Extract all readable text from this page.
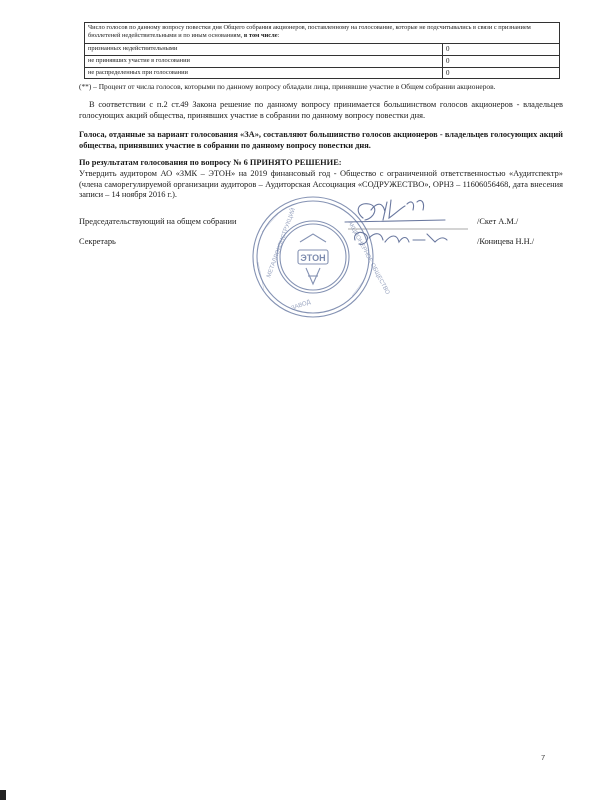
Число голосов по данному вопросу повестки дня Общего собрания акционеров, поставленному на голосование, которые не подсчитывались в связи с признанием бюллетеней недействительными и по иным основаниям, в том числе:	
признанных недействительными	0
не принявших участие в голосовании	0
не распределенных при голосовании	0
(**) – Процент от числа голосов, которыми по данному вопросу обладали лица, принявшие участие в Общем собрании акционеров.
В соответствии с п.2 ст.49 Закона решение по данному вопросу принимается большинством голосов акционеров - владельцев голосующих акций общества, принявших участие в собрании по данному вопросу повестки дня.
Голоса, отданные за вариант голосования «ЗА», составляют большинство голосов акционеров - владельцев голосующих акций общества, принявших участие в собрании по данному вопросу повестки дня.
По результатам голосования по вопросу № 6 ПРИНЯТО РЕШЕНИЕ:
Утвердить аудитором АО «ЗМК – ЭТОН» на 2019 финансовый год - Общество с ограниченной ответственностью «Аудитспектр» (члена саморегулируемой организации аудиторов – Аудиторская Ассоциация «СОДРУЖЕСТВО», ОРНЗ – 11606056468, дата внесения записи – 14 ноября 2016 г.).
Председательствующий на общем собрании	/Скет А.М./
Секретарь	/Коницева Н.Н./
ЭТОН
МЕТАЛЛОКОНСТРУКЦИЙ	АКЦИОНЕРНОЕ ОБЩЕСТВО
ЗАВОД
7
